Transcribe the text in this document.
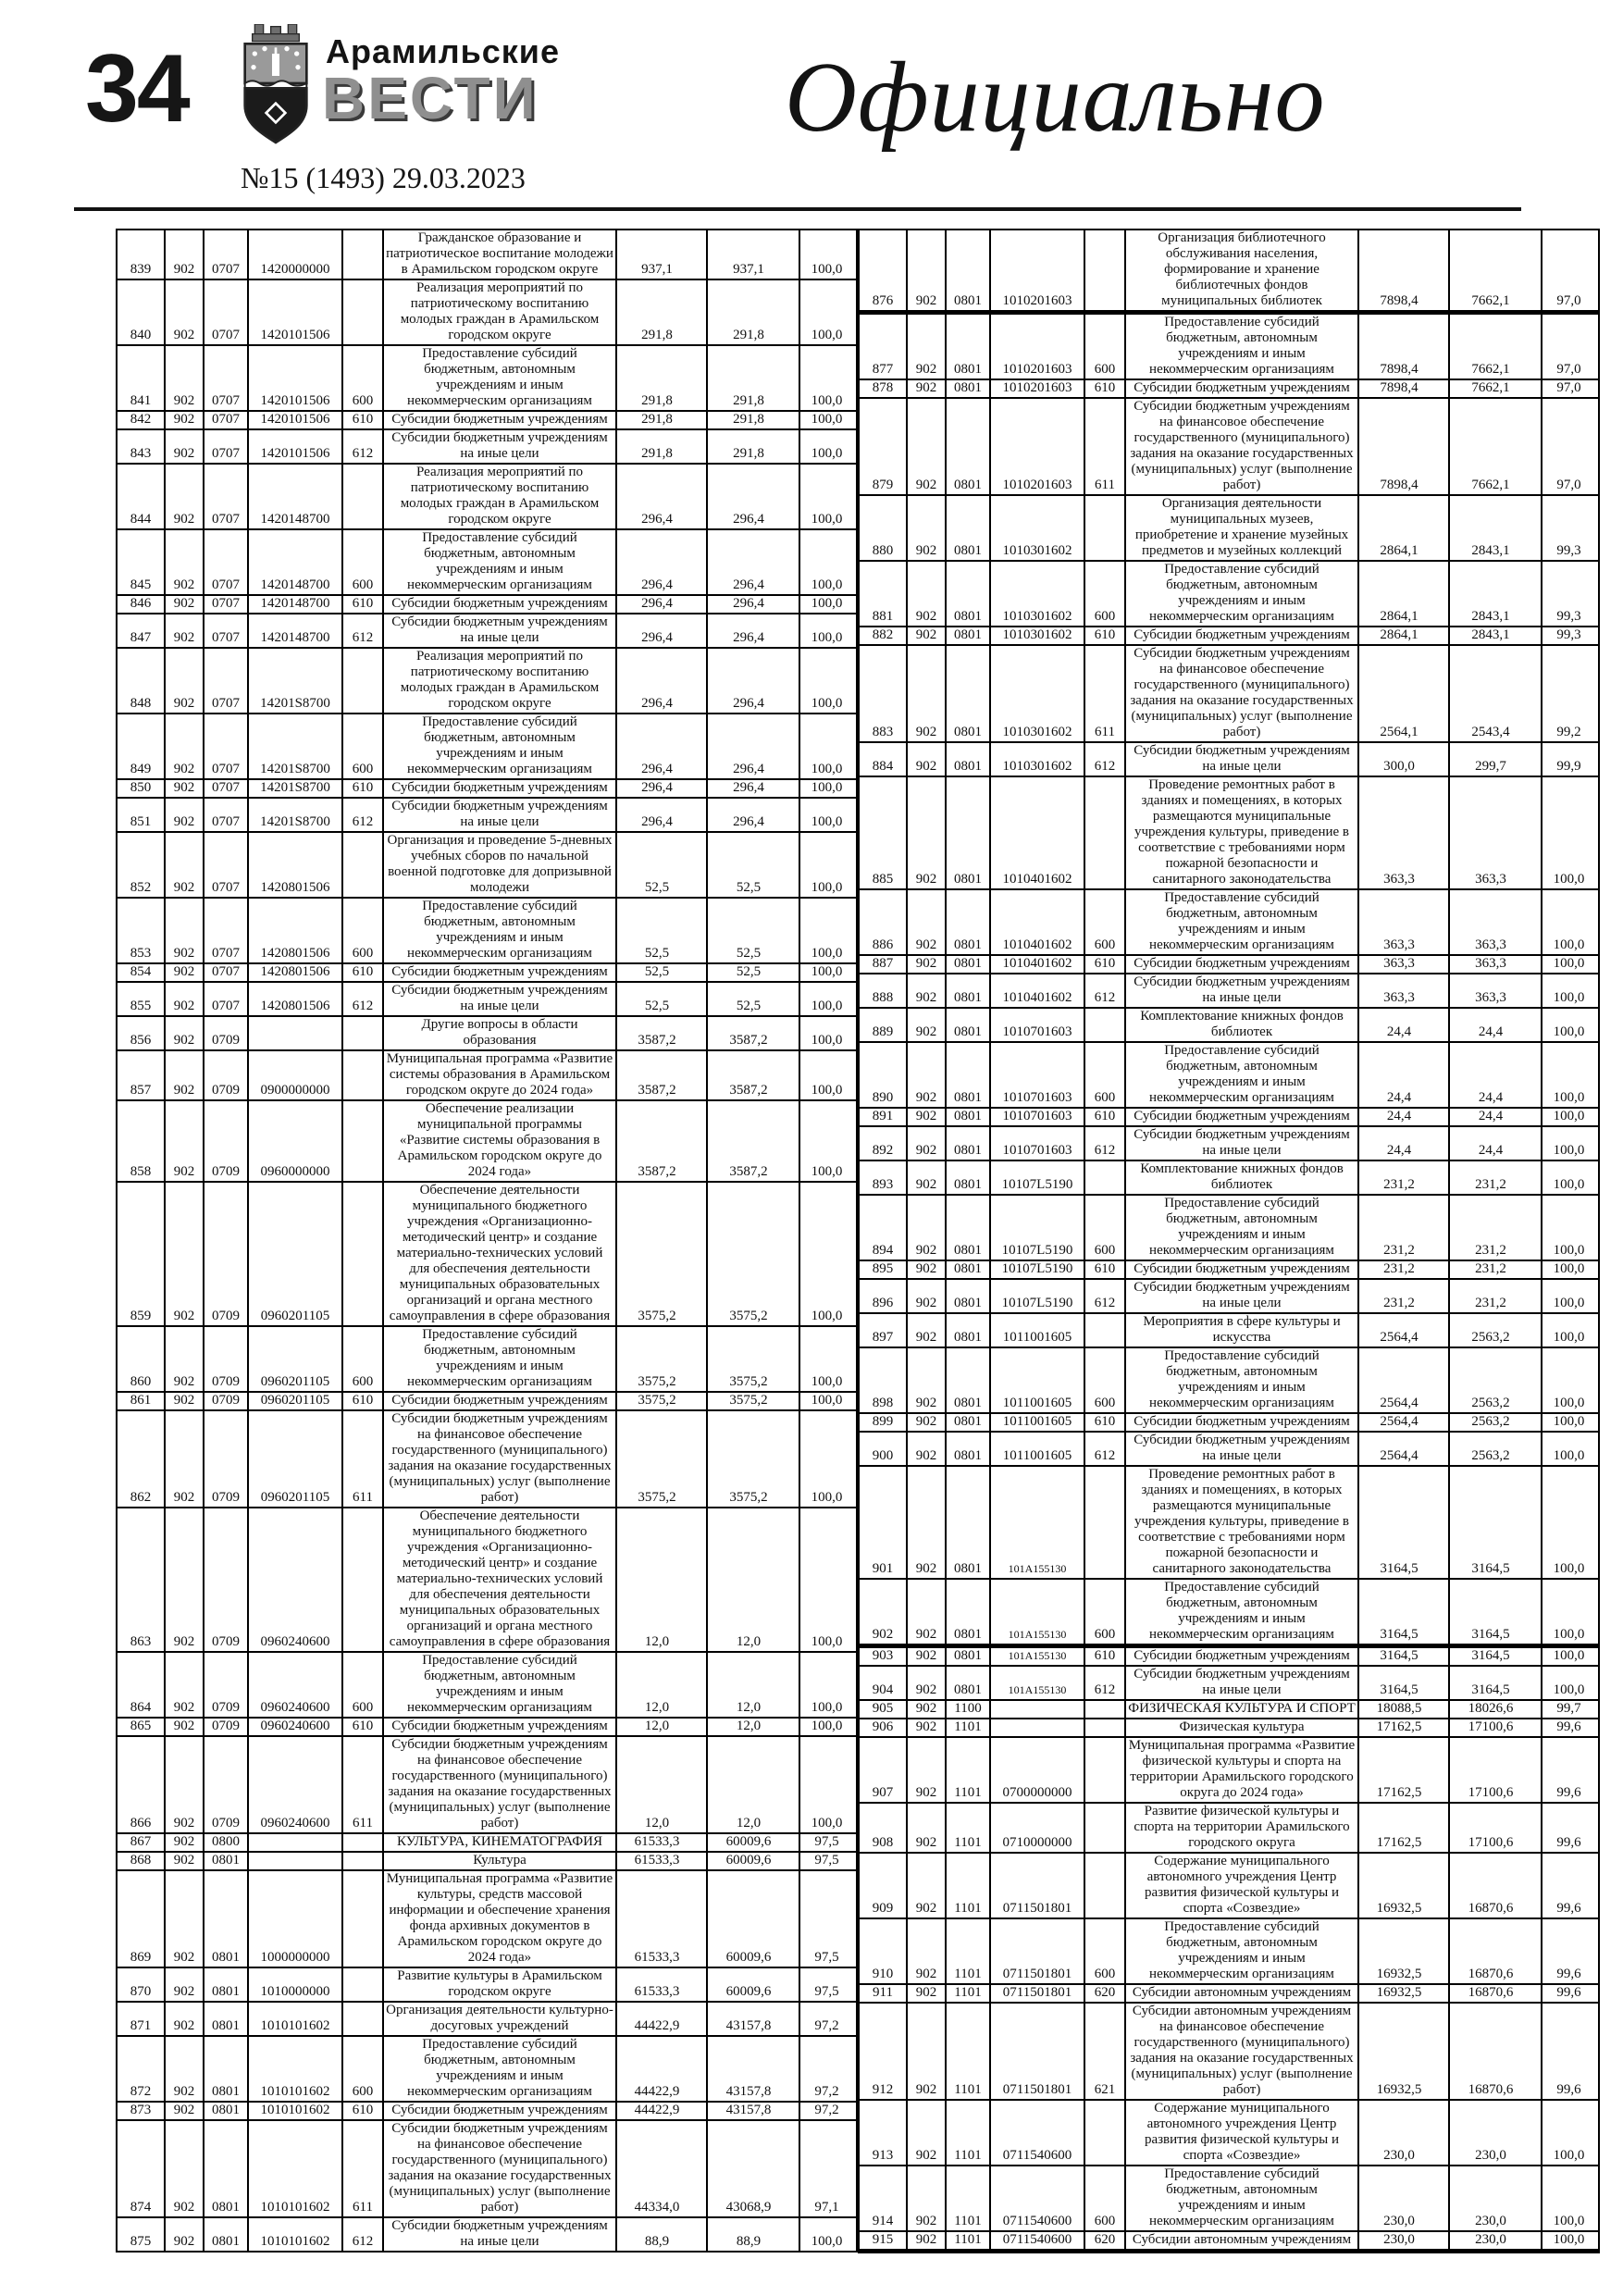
34	Арамильские
ВЕСТИ
№15 (1493) 29.03.2023
Официально
839	902	0707	1420000000		Гражданское образование и патриотическое воспитание молодежи в Арамильском городском округе	937,1	937,1	100,0
840	902	0707	1420101506		Реализация мероприятий по патриотическому воспитанию молодых граждан в Арамильском городском округе	291,8	291,8	100,0
841	902	0707	1420101506	600	Предоставление субсидий бюджетным, автономным учреждениям и иным некоммерческим организациям	291,8	291,8	100,0
842	902	0707	1420101506	610	Субсидии бюджетным учреждениям	291,8	291,8	100,0
843	902	0707	1420101506	612	Субсидии бюджетным учреждениям на иные цели	291,8	291,8	100,0
844	902	0707	1420148700		Реализация мероприятий по патриотическому воспитанию молодых граждан в Арамильском городском округе	296,4	296,4	100,0
845	902	0707	1420148700	600	Предоставление субсидий бюджетным, автономным учреждениям и иным некоммерческим организациям	296,4	296,4	100,0
846	902	0707	1420148700	610	Субсидии бюджетным учреждениям	296,4	296,4	100,0
847	902	0707	1420148700	612	Субсидии бюджетным учреждениям на иные цели	296,4	296,4	100,0
848	902	0707	14201S8700		Реализация мероприятий по патриотическому воспитанию молодых граждан в Арамильском городском округе	296,4	296,4	100,0
849	902	0707	14201S8700	600	Предоставление субсидий бюджетным, автономным учреждениям и иным некоммерческим организациям	296,4	296,4	100,0
850	902	0707	14201S8700	610	Субсидии бюджетным учреждениям	296,4	296,4	100,0
851	902	0707	14201S8700	612	Субсидии бюджетным учреждениям на иные цели	296,4	296,4	100,0
852	902	0707	1420801506		Организация и проведение 5-дневных учебных сборов по начальной военной подготовке для допризывной молодежи	52,5	52,5	100,0
853	902	0707	1420801506	600	Предоставление субсидий бюджетным, автономным учреждениям и иным некоммерческим организациям	52,5	52,5	100,0
854	902	0707	1420801506	610	Субсидии бюджетным учреждениям	52,5	52,5	100,0
855	902	0707	1420801506	612	Субсидии бюджетным учреждениям на иные цели	52,5	52,5	100,0
856	902	0709			Другие вопросы в области образования	3587,2	3587,2	100,0
857	902	0709	0900000000		Муниципальная программа «Развитие системы образования в Арамильском городском округе до 2024 года»	3587,2	3587,2	100,0
858	902	0709	0960000000		Обеспечение реализации муниципальной программы «Развитие системы образования в Арамильском городском округе до 2024 года»	3587,2	3587,2	100,0
859	902	0709	0960201105		Обеспечение деятельности муниципального бюджетного учреждения «Организационно-методический центр» и создание материально-технических условий для обеспечения деятельности муниципальных образовательных организаций и органа местного самоуправления в сфере образования	3575,2	3575,2	100,0
860	902	0709	0960201105	600	Предоставление субсидий бюджетным, автономным учреждениям и иным некоммерческим организациям	3575,2	3575,2	100,0
861	902	0709	0960201105	610	Субсидии бюджетным учреждениям	3575,2	3575,2	100,0
862	902	0709	0960201105	611	Субсидии бюджетным учреждениям на финансовое обеспечение государственного (муниципального) задания на оказание государственных (муниципальных) услуг (выполнение работ)	3575,2	3575,2	100,0
863	902	0709	0960240600		Обеспечение деятельности муниципального бюджетного учреждения «Организационно-методический центр» и создание материально-технических условий для обеспечения деятельности муниципальных образовательных организаций и органа местного самоуправления в сфере образования	12,0	12,0	100,0
864	902	0709	0960240600	600	Предоставление субсидий бюджетным, автономным учреждениям и иным некоммерческим организациям	12,0	12,0	100,0
865	902	0709	0960240600	610	Субсидии бюджетным учреждениям	12,0	12,0	100,0
866	902	0709	0960240600	611	Субсидии бюджетным учреждениям на финансовое обеспечение государственного (муниципального) задания на оказание государственных (муниципальных) услуг (выполнение работ)	12,0	12,0	100,0
867	902	0800			КУЛЬТУРА, КИНЕМАТОГРАФИЯ	61533,3	60009,6	97,5
868	902	0801			Культура	61533,3	60009,6	97,5
869	902	0801	1000000000		Муниципальная программа «Развитие культуры, средств массовой информации и обеспечение хранения фонда архивных документов в Арамильском городском округе до 2024 года»	61533,3	60009,6	97,5
870	902	0801	1010000000		Развитие культуры в Арамильском городском округе	61533,3	60009,6	97,5
871	902	0801	1010101602		Организация деятельности культурно-досуговых учреждений	44422,9	43157,8	97,2
872	902	0801	1010101602	600	Предоставление субсидий бюджетным, автономным учреждениям и иным некоммерческим организациям	44422,9	43157,8	97,2
873	902	0801	1010101602	610	Субсидии бюджетным учреждениям	44422,9	43157,8	97,2
874	902	0801	1010101602	611	Субсидии бюджетным учреждениям на финансовое обеспечение государственного (муниципального) задания на оказание государственных (муниципальных) услуг (выполнение работ)	44334,0	43068,9	97,1
875	902	0801	1010101602	612	Субсидии бюджетным учреждениям на иные цели	88,9	88,9	100,0
876	902	0801	1010201603		Организация библиотечного обслуживания населения, формирование и хранение библиотечных фондов муниципальных библиотек	7898,4	7662,1	97,0
877	902	0801	1010201603	600	Предоставление субсидий бюджетным, автономным учреждениям и иным некоммерческим организациям	7898,4	7662,1	97,0
878	902	0801	1010201603	610	Субсидии бюджетным учреждениям	7898,4	7662,1	97,0
879	902	0801	1010201603	611	Субсидии бюджетным учреждениям на финансовое обеспечение государственного (муниципального) задания на оказание государственных (муниципальных) услуг (выполнение работ)	7898,4	7662,1	97,0
880	902	0801	1010301602		Организация деятельности муниципальных музеев, приобретение и хранение музейных предметов и музейных коллекций	2864,1	2843,1	99,3
881	902	0801	1010301602	600	Предоставление субсидий бюджетным, автономным учреждениям и иным некоммерческим организациям	2864,1	2843,1	99,3
882	902	0801	1010301602	610	Субсидии бюджетным учреждениям	2864,1	2843,1	99,3
883	902	0801	1010301602	611	Субсидии бюджетным учреждениям на финансовое обеспечение государственного (муниципального) задания на оказание государственных (муниципальных) услуг (выполнение работ)	2564,1	2543,4	99,2
884	902	0801	1010301602	612	Субсидии бюджетным учреждениям на иные цели	300,0	299,7	99,9
885	902	0801	1010401602		Проведение ремонтных работ в зданиях и помещениях, в которых размещаются муниципальные учреждения культуры, приведение в соответствие с требованиями норм пожарной безопасности и санитарного законодательства	363,3	363,3	100,0
886	902	0801	1010401602	600	Предоставление субсидий бюджетным, автономным учреждениям и иным некоммерческим организациям	363,3	363,3	100,0
887	902	0801	1010401602	610	Субсидии бюджетным учреждениям	363,3	363,3	100,0
888	902	0801	1010401602	612	Субсидии бюджетным учреждениям на иные цели	363,3	363,3	100,0
889	902	0801	1010701603		Комплектование книжных фондов библиотек	24,4	24,4	100,0
890	902	0801	1010701603	600	Предоставление субсидий бюджетным, автономным учреждениям и иным некоммерческим организациям	24,4	24,4	100,0
891	902	0801	1010701603	610	Субсидии бюджетным учреждениям	24,4	24,4	100,0
892	902	0801	1010701603	612	Субсидии бюджетным учреждениям на иные цели	24,4	24,4	100,0
893	902	0801	10107L5190		Комплектование книжных фондов библиотек	231,2	231,2	100,0
894	902	0801	10107L5190	600	Предоставление субсидий бюджетным, автономным учреждениям и иным некоммерческим организациям	231,2	231,2	100,0
895	902	0801	10107L5190	610	Субсидии бюджетным учреждениям	231,2	231,2	100,0
896	902	0801	10107L5190	612	Субсидии бюджетным учреждениям на иные цели	231,2	231,2	100,0
897	902	0801	1011001605		Мероприятия в сфере культуры и искусства	2564,4	2563,2	100,0
898	902	0801	1011001605	600	Предоставление субсидий бюджетным, автономным учреждениям и иным некоммерческим организациям	2564,4	2563,2	100,0
899	902	0801	1011001605	610	Субсидии бюджетным учреждениям	2564,4	2563,2	100,0
900	902	0801	1011001605	612	Субсидии бюджетным учреждениям на иные цели	2564,4	2563,2	100,0
901	902	0801	101A155130		Проведение ремонтных работ в зданиях и помещениях, в которых размещаются муниципальные учреждения культуры, приведение в соответствие с требованиями норм пожарной безопасности и санитарного законодательства	3164,5	3164,5	100,0
902	902	0801	101A155130	600	Предоставление субсидий бюджетным, автономным учреждениям и иным некоммерческим организациям	3164,5	3164,5	100,0
903	902	0801	101A155130	610	Субсидии бюджетным учреждениям	3164,5	3164,5	100,0
904	902	0801	101A155130	612	Субсидии бюджетным учреждениям на иные цели	3164,5	3164,5	100,0
905	902	1100			ФИЗИЧЕСКАЯ КУЛЬТУРА И СПОРТ	18088,5	18026,6	99,7
906	902	1101			Физическая культура	17162,5	17100,6	99,6
907	902	1101	0700000000		Муниципальная программа «Развитие физической культуры и спорта на территории Арамильского городского округа до 2024 года»	17162,5	17100,6	99,6
908	902	1101	0710000000		Развитие физической культуры и спорта на территории Арамильского городского округа	17162,5	17100,6	99,6
909	902	1101	0711501801		Содержание муниципального автономного учреждения Центр развития физической культуры и спорта «Созвездие»	16932,5	16870,6	99,6
910	902	1101	0711501801	600	Предоставление субсидий бюджетным, автономным учреждениям и иным некоммерческим организациям	16932,5	16870,6	99,6
911	902	1101	0711501801	620	Субсидии автономным учреждениям	16932,5	16870,6	99,6
912	902	1101	0711501801	621	Субсидии автономным учреждениям на финансовое обеспечение государственного (муниципального) задания на оказание государственных (муниципальных) услуг (выполнение работ)	16932,5	16870,6	99,6
913	902	1101	0711540600		Содержание муниципального автономного учреждения Центр развития физической культуры и спорта «Созвездие»	230,0	230,0	100,0
914	902	1101	0711540600	600	Предоставление субсидий бюджетным, автономным учреждениям и иным некоммерческим организациям	230,0	230,0	100,0
915	902	1101	0711540600	620	Субсидии автономным учреждениям	230,0	230,0	100,0
